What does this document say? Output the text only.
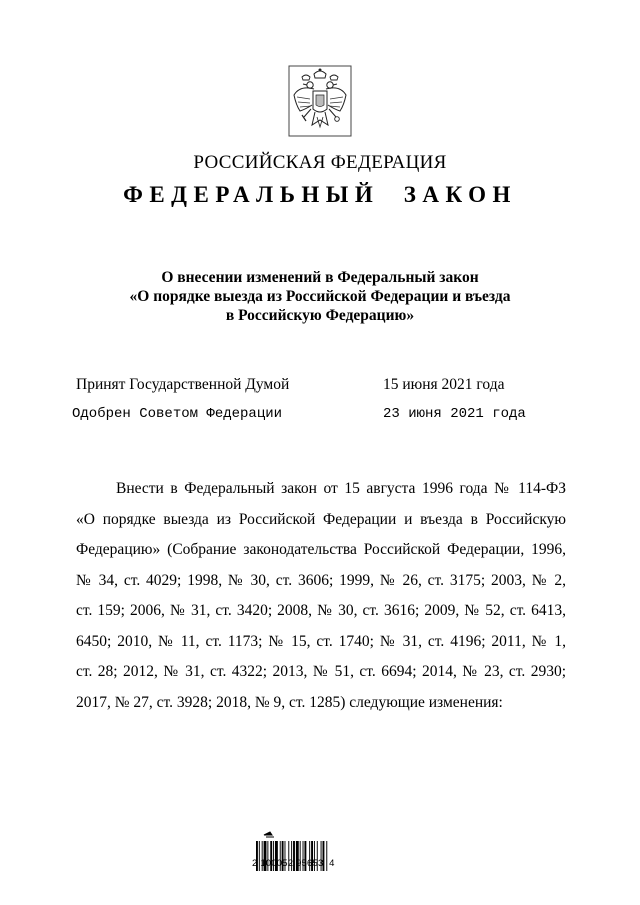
РОССИЙСКАЯ ФЕДЕРАЦИЯ
ФЕДЕРАЛЬНЫЙ  ЗАКОН
О внесении изменений в Федеральный закон
«О порядке выезда из Российской Федерации и въезда
в Российскую Федерацию»
Принят Государственной Думой	15 июня 2021 года
Одобрен Советом Федерации	23 июня 2021 года
Внести в Федеральный закон от 15 августа 1996 года № 114-ФЗ
«О порядке выезда из Российской Федерации и въезда в Российскую
Федерацию» (Собрание законодательства Российской Федерации, 1996,
№ 34, ст. 4029; 1998, № 30, ст. 3606; 1999, № 26, ст. 3175; 2003, № 2,
ст. 159; 2006, № 31, ст. 3420; 2008, № 30, ст. 3616; 2009, № 52, ст. 6413,
6450; 2010, № 11, ст. 1173; № 15, ст. 1740; № 31, ст. 4196; 2011, № 1,
ст. 28; 2012, № 31, ст. 4322; 2013, № 51, ст. 6694; 2014, № 23, ст. 2930;
2017, № 27, ст. 3928; 2018, № 9, ст. 1285) следующие изменения:
2 100052 95653  4
